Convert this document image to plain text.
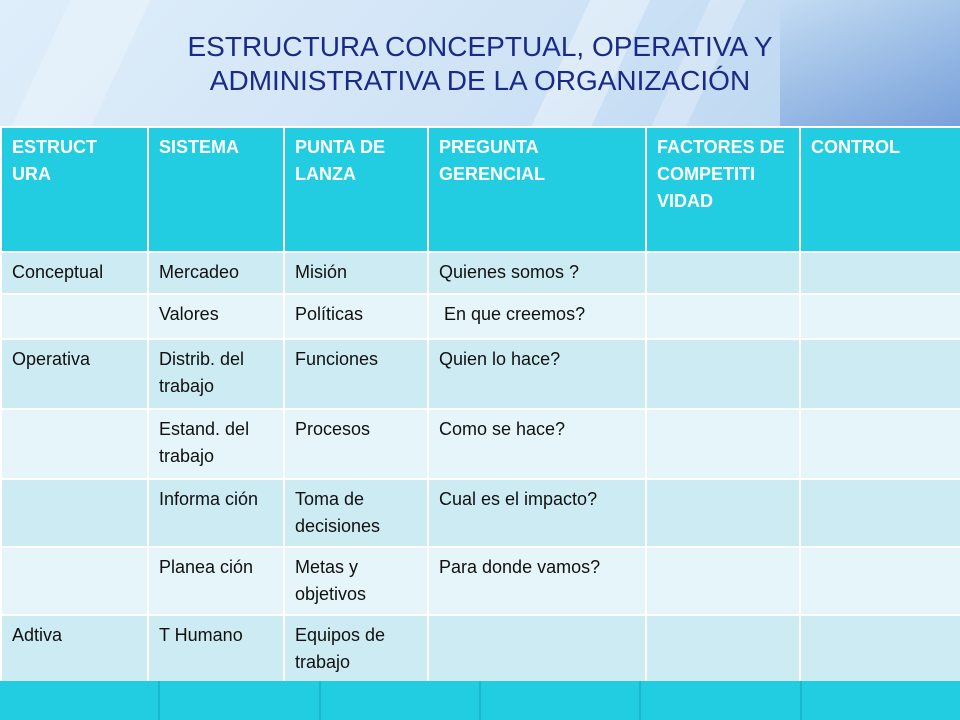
ESTRUCTURA CONCEPTUAL, OPERATIVA Y
ADMINISTRATIVA DE LA ORGANIZACIÓN
ESTRUCT URA	SISTEMA	PUNTA DE LANZA	PREGUNTA GERENCIAL	FACTORES DE COMPETITI VIDAD	CONTROL
Conceptual	Mercadeo	Misión	Quienes somos ?		
	Valores	Políticas	En que creemos?		
Operativa	Distrib. del trabajo	Funciones	Quien lo hace?		
	Estand. del trabajo	Procesos	Como se hace?		
	Informa ción	Toma de decisiones	Cual es el impacto?		
	Planea ción	Metas y objetivos	Para donde vamos?		
Adtiva	T Humano	Equipos de trabajo			
